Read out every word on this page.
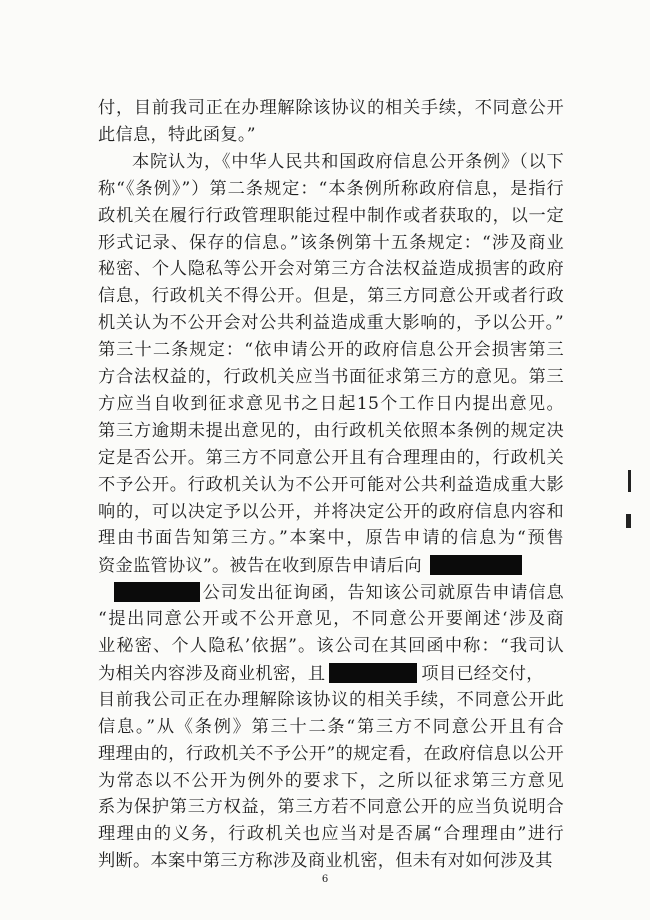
付，目前我司正在办理解除该协议的相关手续，不同意公开
此信息，特此函复。”
本院认为，《中华人民共和国政府信息公开条例》（以下
称“《条例》”）第二条规定：“本条例所称政府信息，是指行
政机关在履行行政管理职能过程中制作或者获取的，以一定
形式记录、保存的信息。”该条例第十五条规定：“涉及商业
秘密、个人隐私等公开会对第三方合法权益造成损害的政府
信息，行政机关不得公开。但是，第三方同意公开或者行政
机关认为不公开会对公共利益造成重大影响的，予以公开。”
第三十二条规定：“依申请公开的政府信息公开会损害第三
方合法权益的，行政机关应当书面征求第三方的意见。第三
方应当自收到征求意见书之日起15个工作日内提出意见。
第三方逾期未提出意见的，由行政机关依照本条例的规定决
定是否公开。第三方不同意公开且有合理理由的，行政机关
不予公开。行政机关认为不公开可能对公共利益造成重大影
响的，可以决定予以公开，并将决定公开的政府信息内容和
理由书面告知第三方。”本案中，原告申请的信息为“预售
资金监管协议”。被告在收到原告申请后向
公司发出征询函，告知该公司就原告申请信息
“提出同意公开或不公开意见，不同意公开要阐述‘涉及商
业秘密、个人隐私’依据”。该公司在其回函中称：“我司认
为相关内容涉及商业机密，且	项目已经交付，
目前我公司正在办理解除该协议的相关手续，不同意公开此
信息。”从《条例》第三十二条“第三方不同意公开且有合
理理由的，行政机关不予公开”的规定看，在政府信息以公开
为常态以不公开为例外的要求下，之所以征求第三方意见
系为保护第三方权益，第三方若不同意公开的应当负说明合
理理由的义务，行政机关也应当对是否属“合理理由”进行
判断。本案中第三方称涉及商业机密，但未有对如何涉及其
6
